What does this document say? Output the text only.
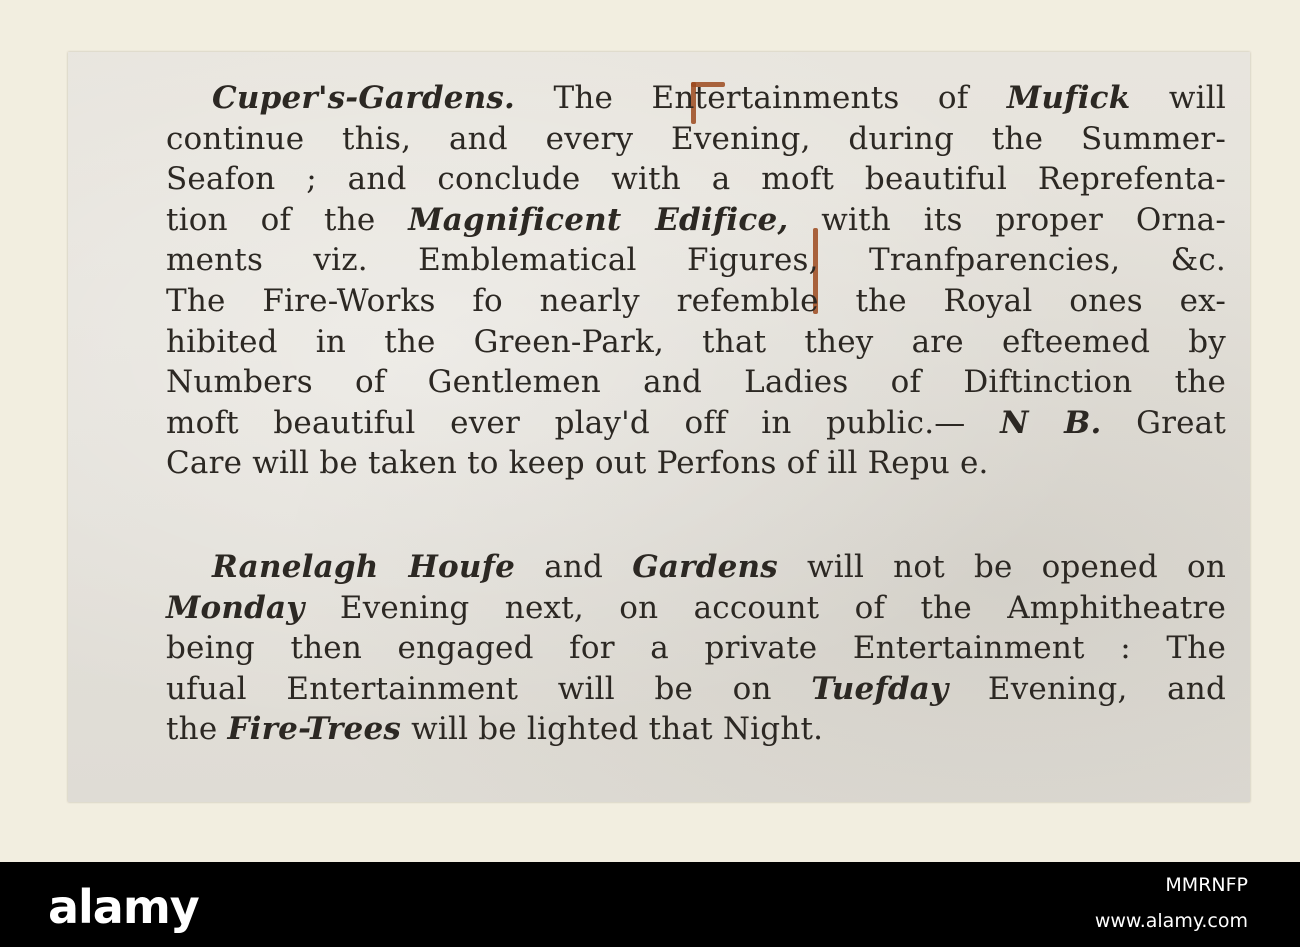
Cuper's-Gardens. The Entertainments of Mufick will
continue this, and every Evening, during the Summer-
Seafon ; and conclude with a moft beautiful Reprefenta-
tion of the Magnificent Edifice, with its proper Orna-
ments viz. Emblematical Figures, Tranfparencies, &c.
The Fire-Works fo nearly refemble the Royal ones ex-
hibited in the Green-Park, that they are efteemed by
Numbers of Gentlemen and Ladies of Diftinction the
moft beautiful ever play'd off in public.— N B. Great
Care will be taken to keep out Perfons of ill Repu e.
Ranelagh Houfe and Gardens will not be opened on
Monday Evening next, on account of the Amphitheatre
being then engaged for a private Entertainment : The
ufual Entertainment will be on Tuefday Evening, and
the Fire-Trees will be lighted that Night.
alamy	MMRNFP
www.alamy.com
